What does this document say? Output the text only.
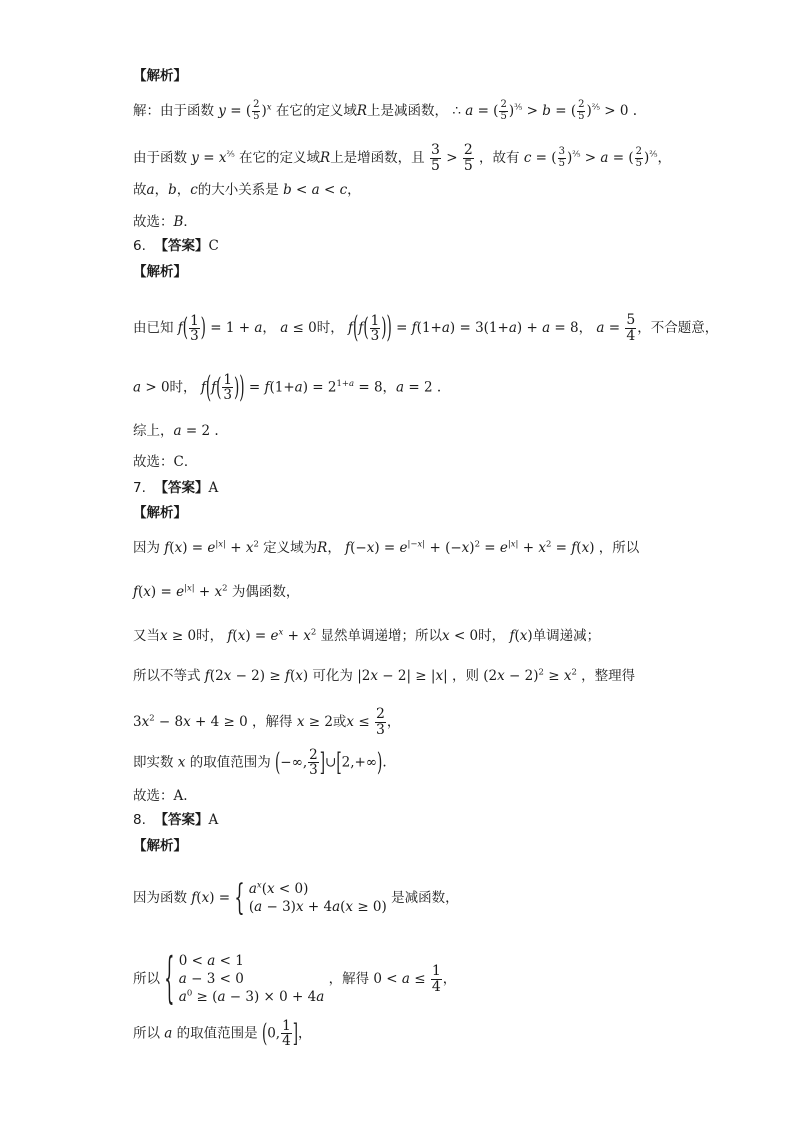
【解析】
解：由于函数 y = ( $\frac{2}{5} )^x$ 在它的定义域R上是减函数， ∴ a = ( $\frac{2}{5} )^{\frac{3}{5}} > b$ = ( $\frac{2}{5} )^{\frac{2}{5}} > 0$ .
由于函数 $y = x^{\frac{2}{5}}$ 在它的定义域R上是增函数，且 $\frac{3}{5} > \frac{2}{5}$ ，故有 c = ( $\frac{3}{5} )^{\frac{2}{5}} > a$ = ( $\frac{2}{5} )^{\frac{2}{5}}$，
故a，b，c的大小关系是 b < a < c，
故选：B．
6. 【答案】C
【解析】
由已知 $f( \frac{1}{3}$ ) = 1 + a， a ≤ 0时， $f(f( \frac{1}{3}$ )) = f(1+a) = 3(1+a) + a = 8， $a = \frac{5}{4}$ ，不合题意，
a > 0时， $f(f( \frac{1}{3}$ )) = $f(1+a) = 2^{1+a} = 8$，a = 2 .
综上，a = 2 .
故选：C．
7. 【答案】A
【解析】
因为 $f(x) = e^{|x|} + x^2$ 定义域为R， $f(-x) = e^{|-x|} + (-x)^2 = e^{|x|} + x^2 = f(x)$ ，所以
$f(x) = e^{|x|} + x^2$ 为偶函数，
又当x ≥ 0时， $f(x) = e^x + x^2$ 显然单调递增；所以x < 0时， f(x)单调递减；
所以不等式 f(2x − 2) ≥ f(x) 可化为 |2x − 2| ≥ |x| ，则 $(2x - 2)^2 \ge x^2$ ，整理得
$3x^2 - 8x + 4 \ge 0$ ，解得 x ≥ 2或$x \le \frac{2}{3}$ ，
即实数 x 的取值范围为 (−∞, $\frac{2}{3}$ ]∪[2,+∞).
故选：A.
8. 【答案】A
【解析】
因为函数 f(x) = { $a^x(x < 0)$
(a − 3)x + 4a(x ≥ 0)
是减函数，
所以 { 0 < a < 1
a − 3 < 0
$a^0 \ge (a - 3) \times 0 + 4a$
，解得 $0 < a \le \frac{1}{4}$ ，
所以 a 的取值范围是 (0, $\frac{1}{4}$ ]，
